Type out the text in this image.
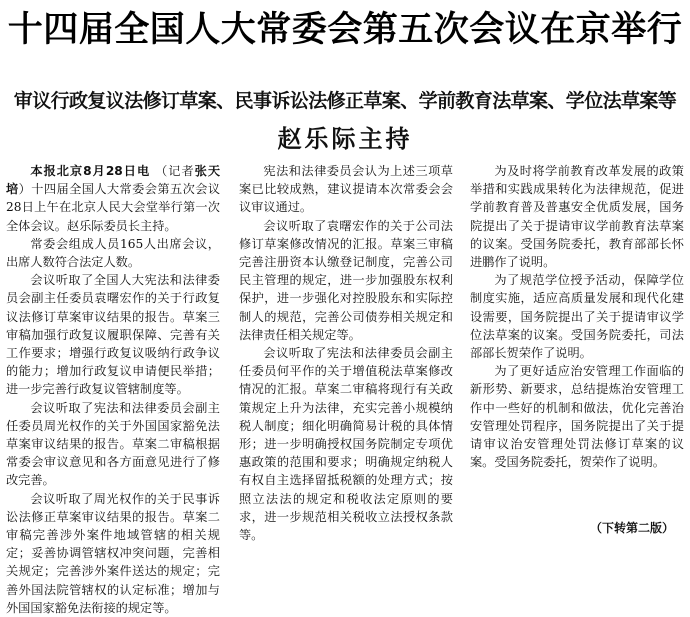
十四届全国人大常委会第五次会议在京举行
审议行政复议法修订草案、民事诉讼法修正草案、学前教育法草案、学位法草案等
赵乐际主持

本报北京8月28日电 （记者张天培）十四届全国人大常委会第五次会议28日上午在北京人民大会堂举行第一次全体会议。赵乐际委员长主持。

常委会组成人员165人出席会议，出席人数符合法定人数。

会议听取了全国人大宪法和法律委员会副主任委员袁曙宏作的关于行政复议法修订草案审议结果的报告。草案三审稿加强行政复议履职保障、完善有关工作要求；增强行政复议吸纳行政争议的能力；增加行政复议申请便民举措；进一步完善行政复议管辖制度等。

会议听取了宪法和法律委员会副主任委员周光权作的关于外国国家豁免法草案审议结果的报告。草案二审稿根据常委会审议意见和各方面意见进行了修改完善。

会议听取了周光权作的关于民事诉讼法修正草案审议结果的报告。草案二审稿完善涉外案件地域管辖的相关规定；妥善协调管辖权冲突问题，完善相关规定；完善涉外案件送达的规定；完善外国法院管辖权的认定标准；增加与外国国家豁免法衔接的规定等。

宪法和法律委员会认为上述三项草案已比较成熟，建议提请本次常委会会议审议通过。

会议听取了袁曙宏作的关于公司法修订草案修改情况的汇报。草案三审稿完善注册资本认缴登记制度，完善公司民主管理的规定，进一步加强股东权利保护，进一步强化对控股股东和实际控制人的规范，完善公司债券相关规定和法律责任相关规定等。

会议听取了宪法和法律委员会副主任委员何平作的关于增值税法草案修改情况的汇报。草案二审稿将现行有关政策规定上升为法律，充实完善小规模纳税人制度；细化明确简易计税的具体情形；进一步明确授权国务院制定专项优惠政策的范围和要求；明确规定纳税人有权自主选择留抵税额的处理方式；按照立法法的规定和税收法定原则的要求，进一步规范相关税收立法授权条款等。

为及时将学前教育改革发展的政策举措和实践成果转化为法律规范，促进学前教育普及普惠安全优质发展，国务院提出了关于提请审议学前教育法草案的议案。受国务院委托，教育部部长怀进鹏作了说明。

为了规范学位授予活动，保障学位制度实施，适应高质量发展和现代化建设需要，国务院提出了关于提请审议学位法草案的议案。受国务院委托，司法部部长贺荣作了说明。

为了更好适应治安管理工作面临的新形势、新要求，总结提炼治安管理工作中一些好的机制和做法，优化完善治安管理处罚程序，国务院提出了关于提请审议治安管理处罚法修订草案的议案。受国务院委托，贺荣作了说明。

（下转第二版）
